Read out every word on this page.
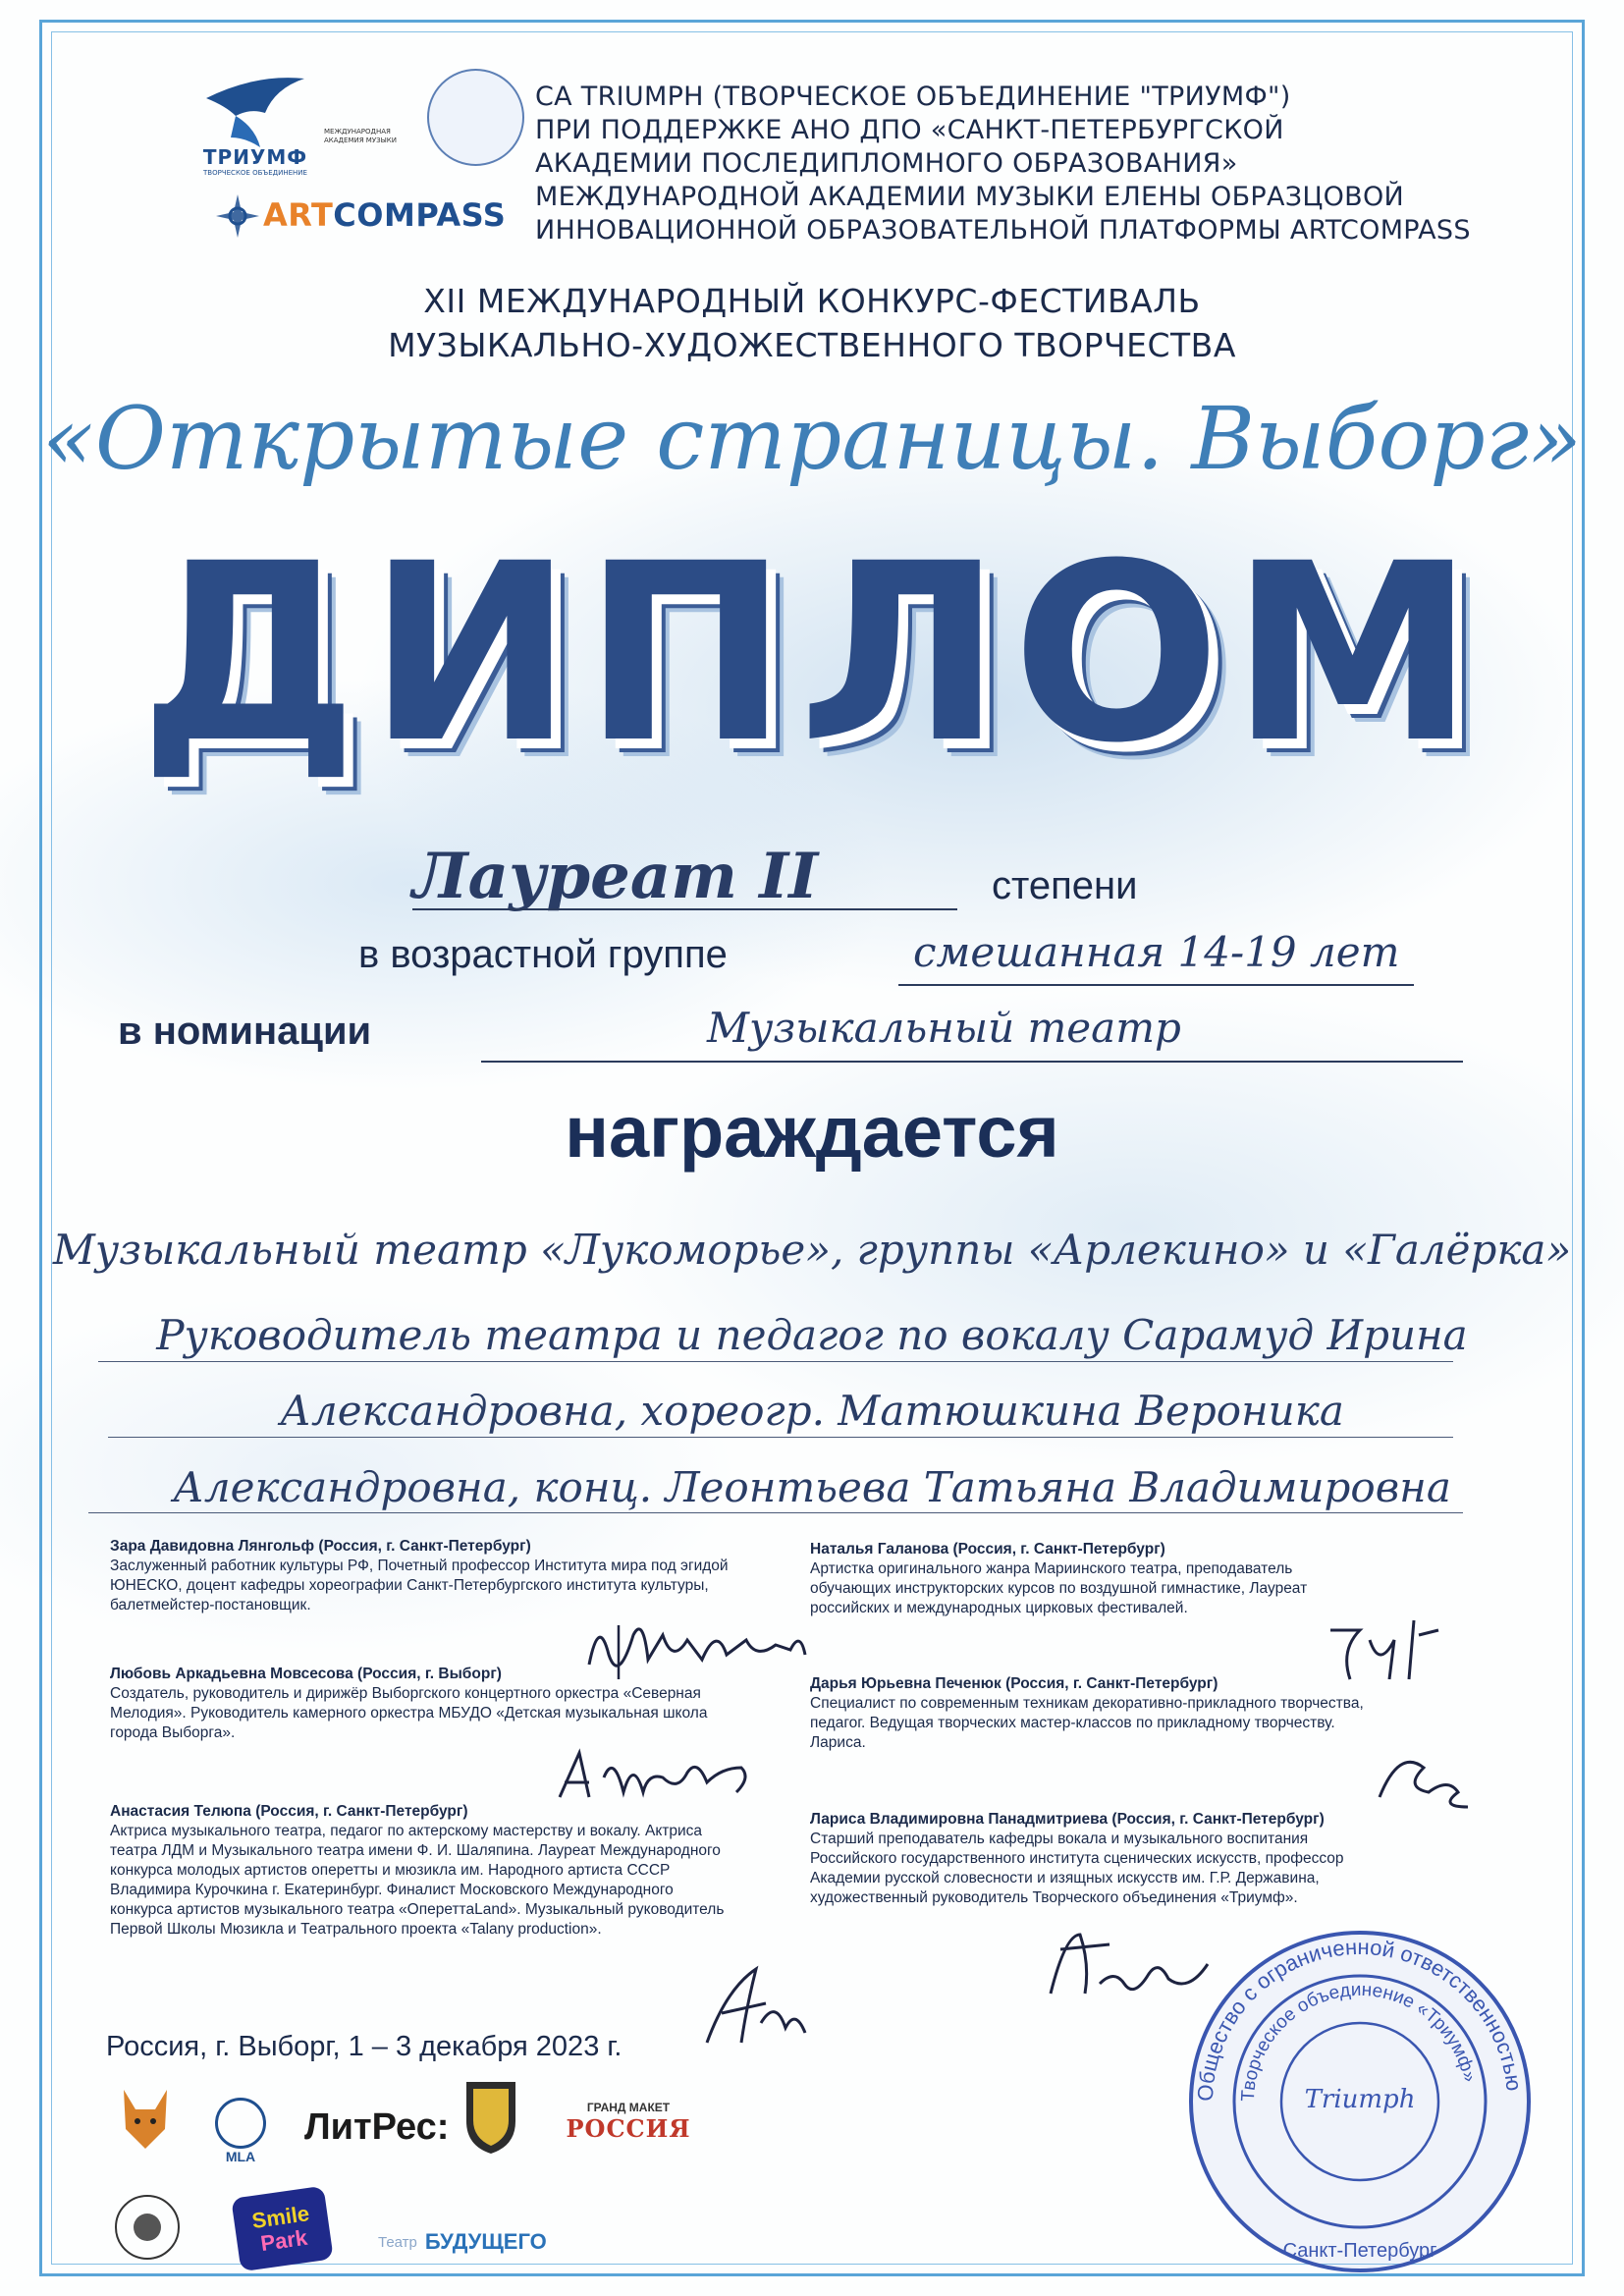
ТРИУМФ
ТВОРЧЕСКОЕ ОБЪЕДИНЕНИЕ
МЕЖДУНАРОДНАЯ АКАДЕМИЯ МУЗЫКИ
ARTCOMPASS
СА TRIUMPH (ТВОРЧЕСКОЕ ОБЪЕДИНЕНИЕ "ТРИУМФ")
ПРИ ПОДДЕРЖКЕ АНО ДПО «САНКТ-ПЕТЕРБУРГСКОЙ
АКАДЕМИИ ПОСЛЕДИПЛОМНОГО ОБРАЗОВАНИЯ»
МЕЖДУНАРОДНОЙ АКАДЕМИИ МУЗЫКИ ЕЛЕНЫ ОБРАЗЦОВОЙ
ИННОВАЦИОННОЙ ОБРАЗОВАТЕЛЬНОЙ ПЛАТФОРМЫ ARTCOMPASS
XII МЕЖДУНАРОДНЫЙ КОНКУРС-ФЕСТИВАЛЬ
МУЗЫКАЛЬНО-ХУДОЖЕСТВЕННОГО ТВОРЧЕСТВА
«Открытые страницы. Выборг»
ДИПЛОМ
Лауреат II	степени
в возрастной группе	смешанная 14-19 лет
в номинации	Музыкальный театр
награждается
Музыкальный театр «Лукоморье», группы «Арлекино» и «Галёрка»
Руководитель театра и педагог по вокалу Сарамуд Ирина
Александровна, хореогр. Матюшкина Вероника
Александровна, конц. Леонтьева Татьяна Владимировна
Зара Давидовна Лянгольф (Россия, г. Санкт-Петербург)
Заслуженный работник культуры РФ, Почетный профессор Института мира под эгидой
ЮНЕСКО, доцент кафедры хореографии Санкт-Петербургского института культуры,
балетмейстер-постановщик.
Любовь Аркадьевна Мовсесова (Россия, г. Выборг)
Создатель, руководитель и дирижёр Выборгского концертного оркестра «Северная
Мелодия». Руководитель камерного оркестра МБУДО «Детская музыкальная школа
города Выборга».
Анастасия Телюпа (Россия, г. Санкт-Петербург)
Актриса музыкального театра, педагог по актерскому мастерству и вокалу. Актриса
театра ЛДМ и Музыкального театра имени Ф. И. Шаляпина. Лауреат Международного
конкурса молодых артистов оперетты и мюзикла им. Народного артиста СССР
Владимира Курочкина г. Екатеринбург. Финалист Московского Международного
конкурса артистов музыкального театра «ОпереттаLand». Музыкальный руководитель
Первой Школы Мюзикла и Театрального проекта «Talany production».
Наталья Галанова (Россия, г. Санкт-Петербург)
Артистка оригинального жанра Мариинского театра, преподаватель
обучающих инструкторских курсов по воздушной гимнастике, Лауреат
российских и международных цирковых фестивалей.
Дарья Юрьевна Печенюк (Россия, г. Санкт-Петербург)
Специалист по современным техникам декоративно-прикладного творчества,
педагог. Ведущая творческих мастер-классов по прикладному творчеству.
Лариса.
Лариса Владимировна Панадмитриева (Россия, г. Санкт-Петербург)
Старший преподаватель кафедры вокала и музыкального воспитания
Российского государственного института сценических искусств, профессор
Академии русской словесности и изящных искусств им. Г.Р. Державина,
художественный руководитель Творческого объединения «Триумф».
Россия, г. Выборг, 1 – 3 декабря 2023 г.
MLA
ЛитРес:	ГРАНД МАКЕТ
РОССИЯ
Smile
Park	Театр БУДУЩЕГО
Общество с ограниченной ответственностью
Творческое объединение «Триумф»
Triumph
Санкт-Петербург
